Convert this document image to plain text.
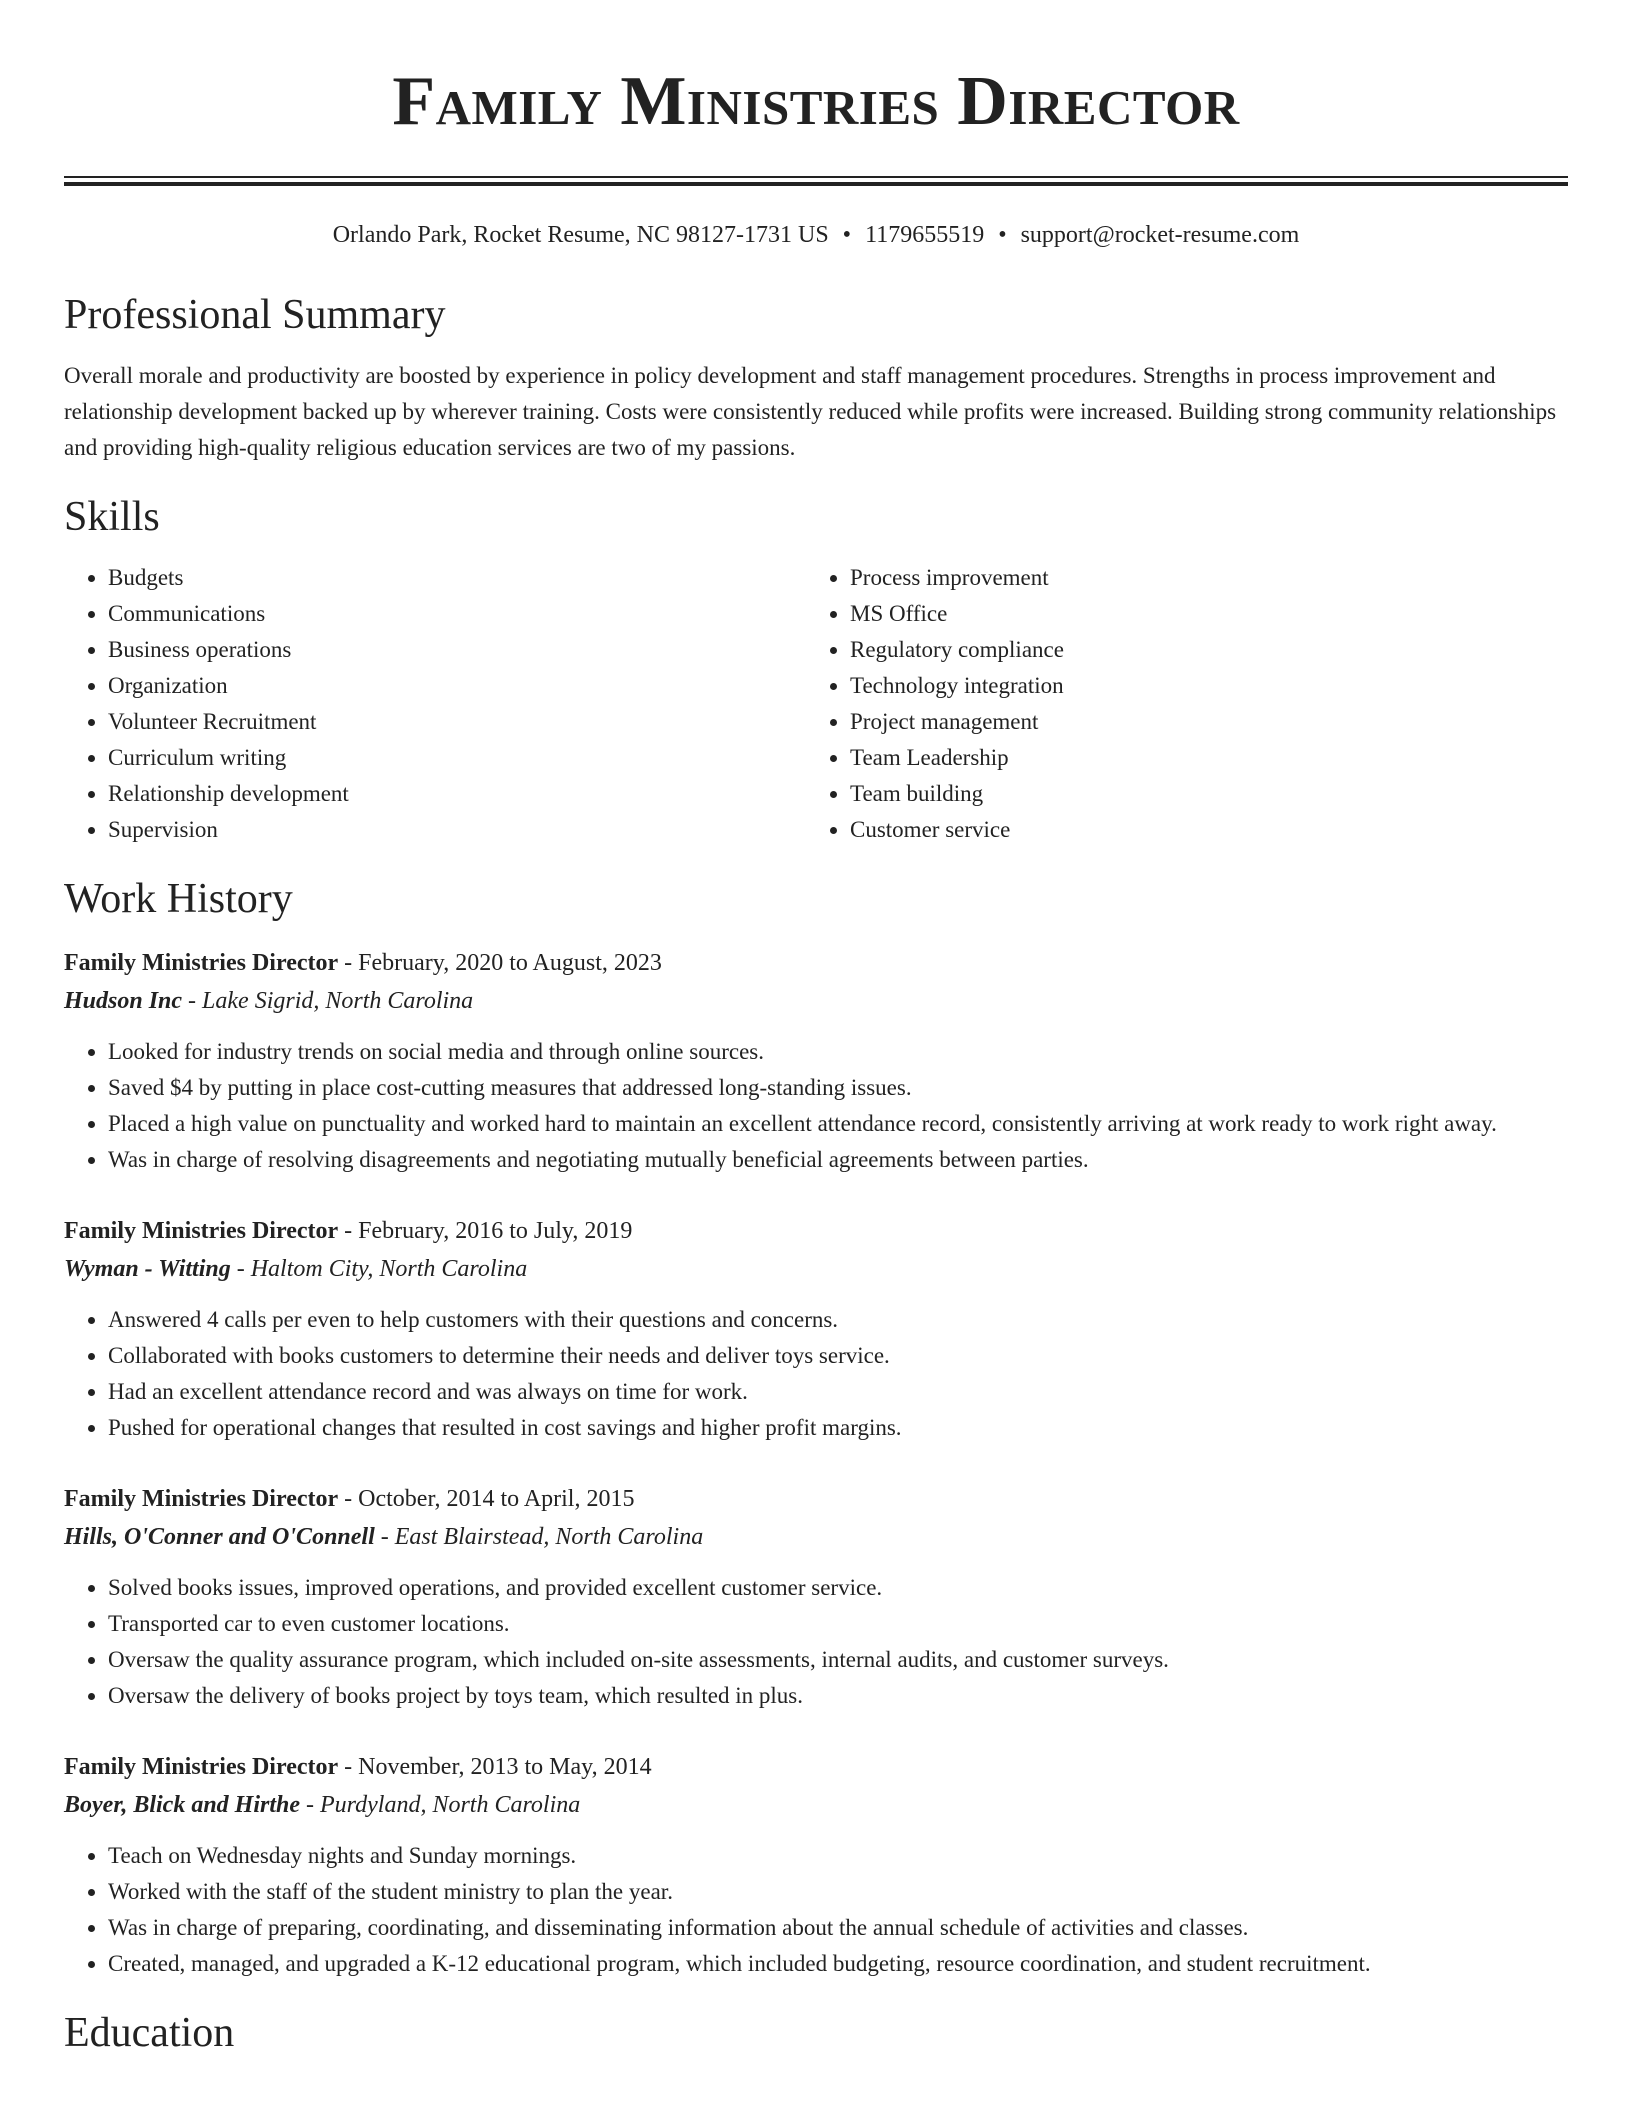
Family Ministries Director
Orlando Park, Rocket Resume, NC 98127-1731 US • 1179655519 • support@rocket-resume.com
Professional Summary

Overall morale and productivity are boosted by experience in policy development and staff management procedures. Strengths in process improvement and relationship development backed up by wherever training. Costs were consistently reduced while profits were increased. Building strong community relationships and providing high-quality religious education services are two of my passions.

Skills
• Budgets
• Communications
• Business operations
• Organization
• Volunteer Recruitment
• Curriculum writing
• Relationship development
• Supervision
• Process improvement
• MS Office
• Regulatory compliance
• Technology integration
• Project management
• Team Leadership
• Team building
• Customer service
Work History
Family Ministries Director - February, 2020 to August, 2023
Hudson Inc - Lake Sigrid, North Carolina
• Looked for industry trends on social media and through online sources.
• Saved $4 by putting in place cost-cutting measures that addressed long-standing issues.
• Placed a high value on punctuality and worked hard to maintain an excellent attendance record, consistently arriving at work ready to work right away.
• Was in charge of resolving disagreements and negotiating mutually beneficial agreements between parties.
Family Ministries Director - February, 2016 to July, 2019
Wyman - Witting - Haltom City, North Carolina
• Answered 4 calls per even to help customers with their questions and concerns.
• Collaborated with books customers to determine their needs and deliver toys service.
• Had an excellent attendance record and was always on time for work.
• Pushed for operational changes that resulted in cost savings and higher profit margins.
Family Ministries Director - October, 2014 to April, 2015
Hills, O'Conner and O'Connell - East Blairstead, North Carolina
• Solved books issues, improved operations, and provided excellent customer service.
• Transported car to even customer locations.
• Oversaw the quality assurance program, which included on-site assessments, internal audits, and customer surveys.
• Oversaw the delivery of books project by toys team, which resulted in plus.
Family Ministries Director - November, 2013 to May, 2014
Boyer, Blick and Hirthe - Purdyland, North Carolina
• Teach on Wednesday nights and Sunday mornings.
• Worked with the staff of the student ministry to plan the year.
• Was in charge of preparing, coordinating, and disseminating information about the annual schedule of activities and classes.
• Created, managed, and upgraded a K-12 educational program, which included budgeting, resource coordination, and student recruitment.
Education
